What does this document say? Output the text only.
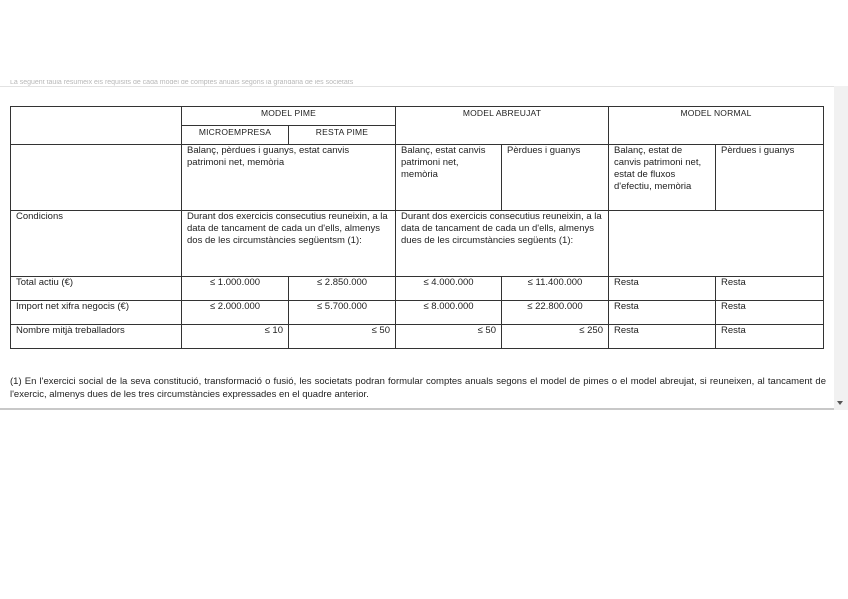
La seguent taula resumeix els requisits de cada model de comptes anuals segons la grandaria de les societats
	MODEL PIME		MODEL ABREUJAT		MODEL NORMAL	
	MICROEMPRESA	RESTA PIME				
	Balanç, pèrdues i guanys, estat canvis patrimoni net, memòria		Balanç, estat canvis patrimoni net, memòria	Pèrdues i guanys	Balanç, estat de canvis patrimoni net, estat de fluxos d'efectiu, memòria	Pèrdues i guanys
Condicions	Durant dos exercicis consecutius reuneixin, a la data de tancament de cada un d'ells, almenys dos de les circumstàncies següentsm (1):		Durant dos exercicis consecutius reuneixin, a la data de tancament de cada un d'ells, almenys dues de les circumstàncies següents (1):			
Total actiu (€)	≤ 1.000.000	≤ 2.850.000	≤ 4.000.000	≤ 11.400.000	Resta	Resta
Import net xifra negocis (€)	≤ 2.000.000	≤ 5.700.000	≤ 8.000.000	≤ 22.800.000	Resta	Resta
Nombre mitjà treballadors	≤ 10	≤ 50	≤ 50	≤ 250	Resta	Resta
(1) En l'exercici social de la seva constitució, transformació o fusió, les societats podran formular comptes anuals segons el model de pimes o el model abreujat, si reuneixen, al tancament de l'exercic, almenys dues de les tres circumstàncies expressades en el quadre anterior.
